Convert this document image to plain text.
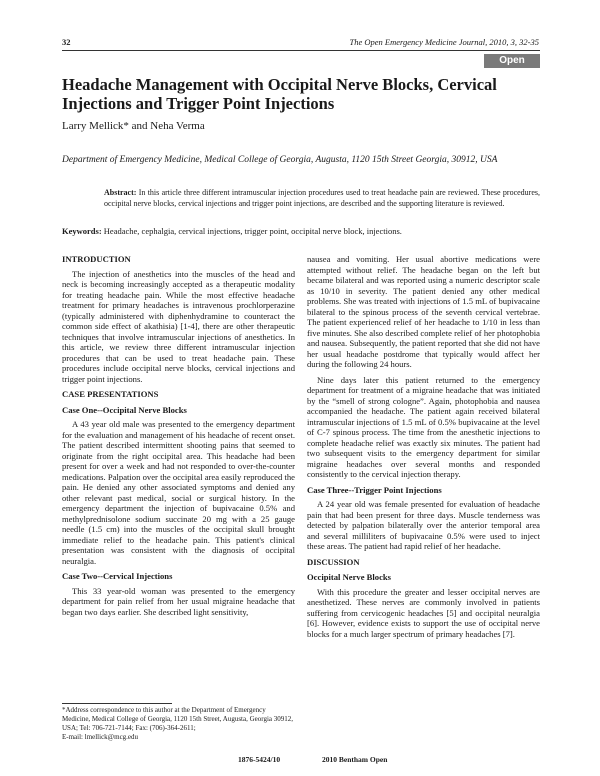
32	The Open Emergency Medicine Journal, 2010, 3, 32-35
Open Access
Headache Management with Occipital Nerve Blocks, Cervical Injections and Trigger Point Injections
Larry Mellick* and Neha Verma
Department of Emergency Medicine, Medical College of Georgia, Augusta, 1120 15th Street Georgia, 30912, USA
Abstract: In this article three different intramuscular injection procedures used to treat headache pain are reviewed. These procedures, occipital nerve blocks, cervical injections and trigger point injections, are described and the supporting literature is reviewed.
Keywords: Headache, cephalgia, cervical injections, trigger point, occipital nerve block, injections.
INTRODUCTION

The injection of anesthetics into the muscles of the head and neck is becoming increasingly accepted as a therapeutic modality for treating headache pain. While the most effective headache treatment for primary headaches is intravenous prochlorperazine (typically administered with diphenhydramine to counteract the common side effect of akathisia) [1-4], there are other therapeutic techniques that involve intramuscular injections of anesthetics. In this article, we review three different intramuscular injection procedures that can be used to treat headache pain. These procedures include occipital nerve blocks, cervical injections and trigger point injections.

CASE PRESENTATIONS
Case One--Occipital Nerve Blocks

A 43 year old male was presented to the emergency department for the evaluation and management of his headache of recent onset. The patient described intermittent shooting pains that seemed to originate from the right occipital area. This headache had been present for over a week and had not responded to over-the-counter medications. Palpation over the occipital area easily reproduced the pain. He denied any other associated symptoms and denied any other relevant past medical, social or surgical history. In the emergency department the injection of bupivacaine 0.5% and methylprednisolone sodium succinate 20 mg with a 25 gauge needle (1.5 cm) into the muscles of the occipital skull brought immediate relief to the headache pain. This patient's clinical presentation was consistent with the diagnosis of occipital neuralgia.

Case Two--Cervical Injections

This 33 year-old woman was presented to the emergency department for pain relief from her usual migraine headache that began two days earlier. She described light sensitivity,

nausea and vomiting. Her usual abortive medications were attempted without relief. The headache began on the left but became bilateral and was reported using a numeric descriptor scale as 10/10 in severity. The patient denied any other medical problems. She was treated with injections of 1.5 mL of bupivacaine bilateral to the spinous process of the seventh cervical vertebrae. The patient experienced relief of her headache to 1/10 in less than five minutes. She also described complete relief of her photophobia and nausea. Subsequently, the patient reported that she did not have her usual headache postdrome that typically would affect her during the following 24 hours.

Nine days later this patient returned to the emergency department for treatment of a migraine headache that was initiated by the “smell of strong cologne”. Again, photophobia and nausea accompanied the headache. The patient again received bilateral intramuscular injections of 1.5 mL of 0.5% bupivacaine at the level of C-7 spinous process. The time from the anesthetic injections to complete headache relief was exactly six minutes. The patient had two subsequent visits to the emergency department for similar migraine headaches over several months and responded consistently to the cervical injection therapy.

Case Three--Trigger Point Injections

A 24 year old was female presented for evaluation of headache pain that had been present for three days. Muscle tenderness was detected by palpation bilaterally over the anterior temporal area and several milliliters of bupivacaine 0.5% were used to inject these areas. The patient had rapid relief of her headache.

DISCUSSION
Occipital Nerve Blocks

With this procedure the greater and lesser occipital nerves are anesthetized. These nerves are commonly involved in patients suffering from cervicogenic headaches [5] and occipital neuralgia [6]. However, evidence exists to support the use of occipital nerve blocks for a much larger spectrum of primary headaches [7].

*Address correspondence to this author at the Department of Emergency Medicine, Medical College of Georgia, 1120 15th Street, Augusta, Georgia 30912, USA; Tel: 706-721-7144; Fax: (706)-364-2611;
E-mail: lmellick@mcg.edu
1876-5424/10	2010 Bentham Open
